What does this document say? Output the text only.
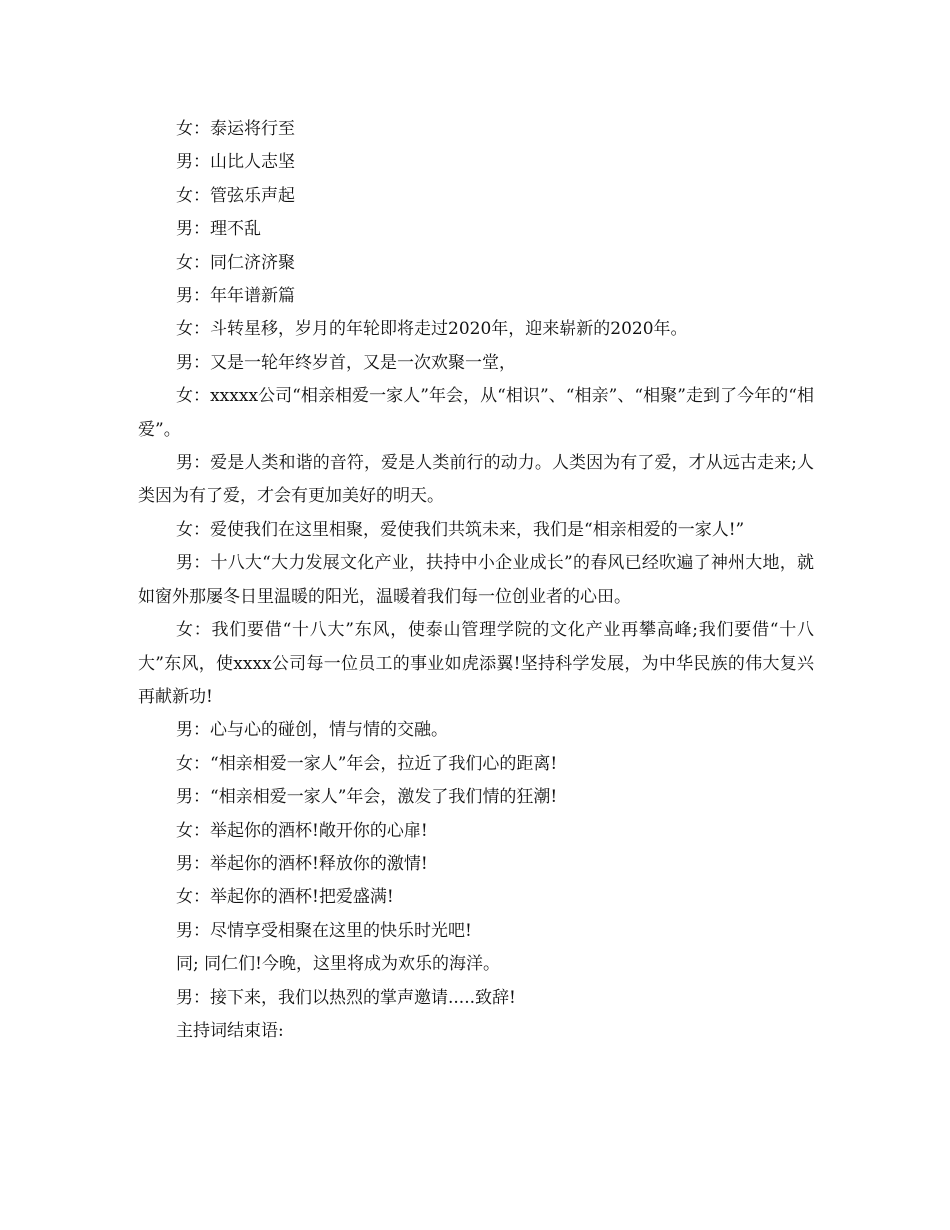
女：泰运将行至

男：山比人志坚

女：管弦乐声起

男：理不乱

女：同仁济济聚

男：年年谱新篇

女：斗转星移，岁月的年轮即将走过2020年，迎来崭新的2020年。

男：又是一轮年终岁首，又是一次欢聚一堂，

女：xxxxx公司“相亲相爱一家人”年会，从“相识”、“相亲”、“相聚”走到了今年的“相爱”。

男：爱是人类和谐的音符，爱是人类前行的动力。人类因为有了爱，才从远古走来;人类因为有了爱，才会有更加美好的明天。

女：爱使我们在这里相聚，爱使我们共筑未来，我们是“相亲相爱的一家人!”

男：十八大“大力发展文化产业，扶持中小企业成长”的春风已经吹遍了神州大地，就如窗外那屡冬日里温暖的阳光，温暖着我们每一位创业者的心田。

女：我们要借“十八大”东风，使泰山管理学院的文化产业再攀高峰;我们要借“十八大”东风，使xxxx公司每一位员工的事业如虎添翼!坚持科学发展，为中华民族的伟大复兴再献新功!

男：心与心的碰创，情与情的交融。

女：“相亲相爱一家人”年会，拉近了我们心的距离!

男：“相亲相爱一家人”年会，激发了我们情的狂潮!

女：举起你的酒杯!敞开你的心扉!

男：举起你的酒杯!释放你的激情!

女：举起你的酒杯!把爱盛满!

男：尽情享受相聚在这里的快乐时光吧!

同; 同仁们!今晚，这里将成为欢乐的海洋。

男：接下来，我们以热烈的掌声邀请.....致辞!

主持词结束语:
